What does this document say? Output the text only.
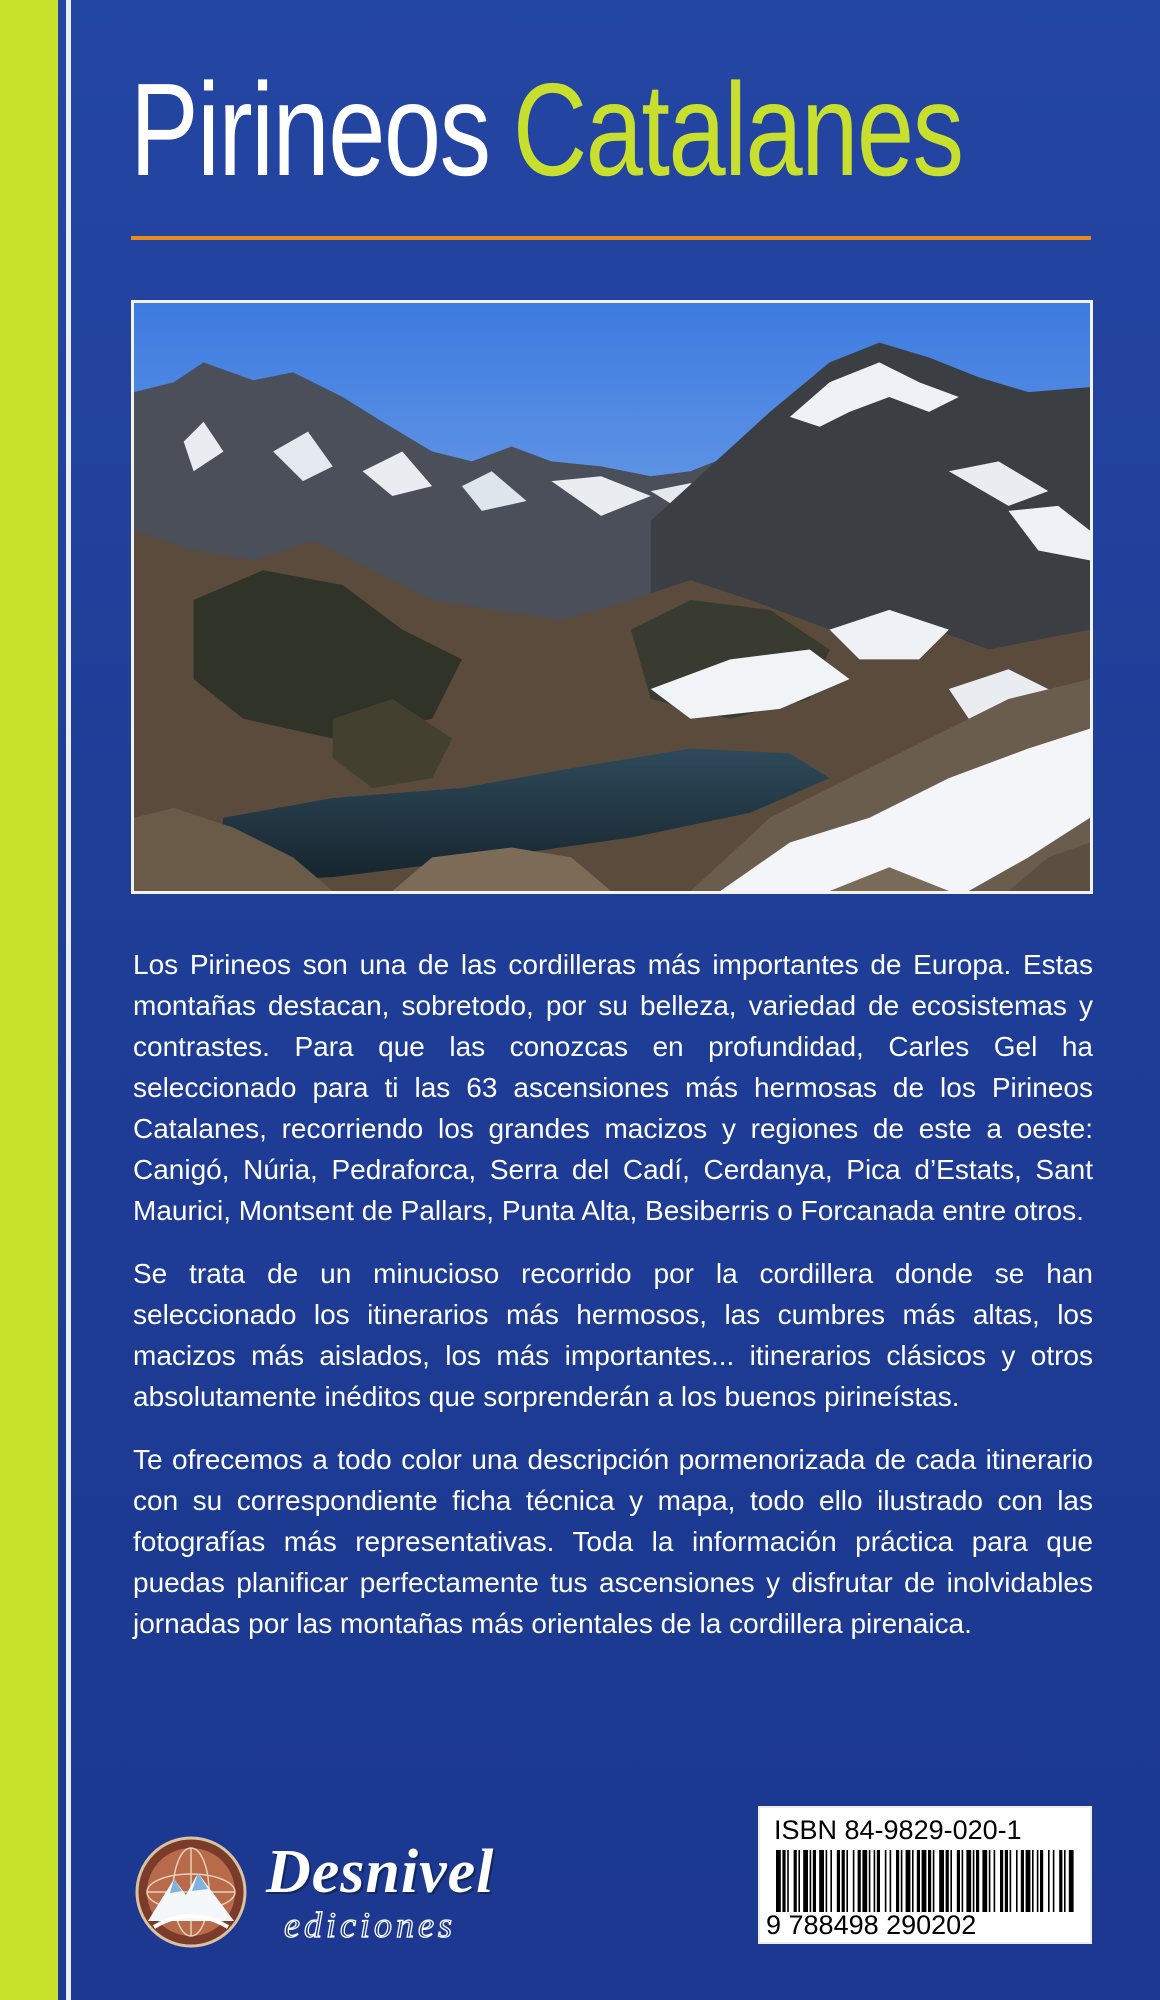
Pirineos Catalanes

Los Pirineos son una de las cordilleras más importantes de Europa. Estas montañas destacan, sobretodo, por su belleza, variedad de ecosistemas y contrastes. Para que las conozcas en profundidad, Carles Gel ha seleccionado para ti las 63 ascensiones más hermosas de los Pirineos Catalanes, recorriendo los grandes macizos y regiones de este a oeste: Canigó, Núria, Pedraforca, Serra del Cadí, Cerdanya, Pica d’Estats, Sant Maurici, Montsent de Pallars, Punta Alta, Besiberris o Forcanada entre otros.

Se trata de un minucioso recorrido por la cordillera donde se han seleccionado los itinerarios más hermosos, las cumbres más altas, los macizos más aislados, los más importantes... itinerarios clásicos y otros absolutamente inéditos que sorprenderán a los buenos pirineístas.

Te ofrecemos a todo color una descripción pormenorizada de cada itinerario con su correspondiente ficha técnica y mapa, todo ello ilustrado con las fotografías más representativas. Toda la información práctica para que puedas planificar perfectamente tus ascensiones y disfrutar de inolvidables jornadas por las montañas más orientales de la cordillera pirenaica.

Desnivel
ediciones
ISBN 84-9829-020-1
9 788498 290202
